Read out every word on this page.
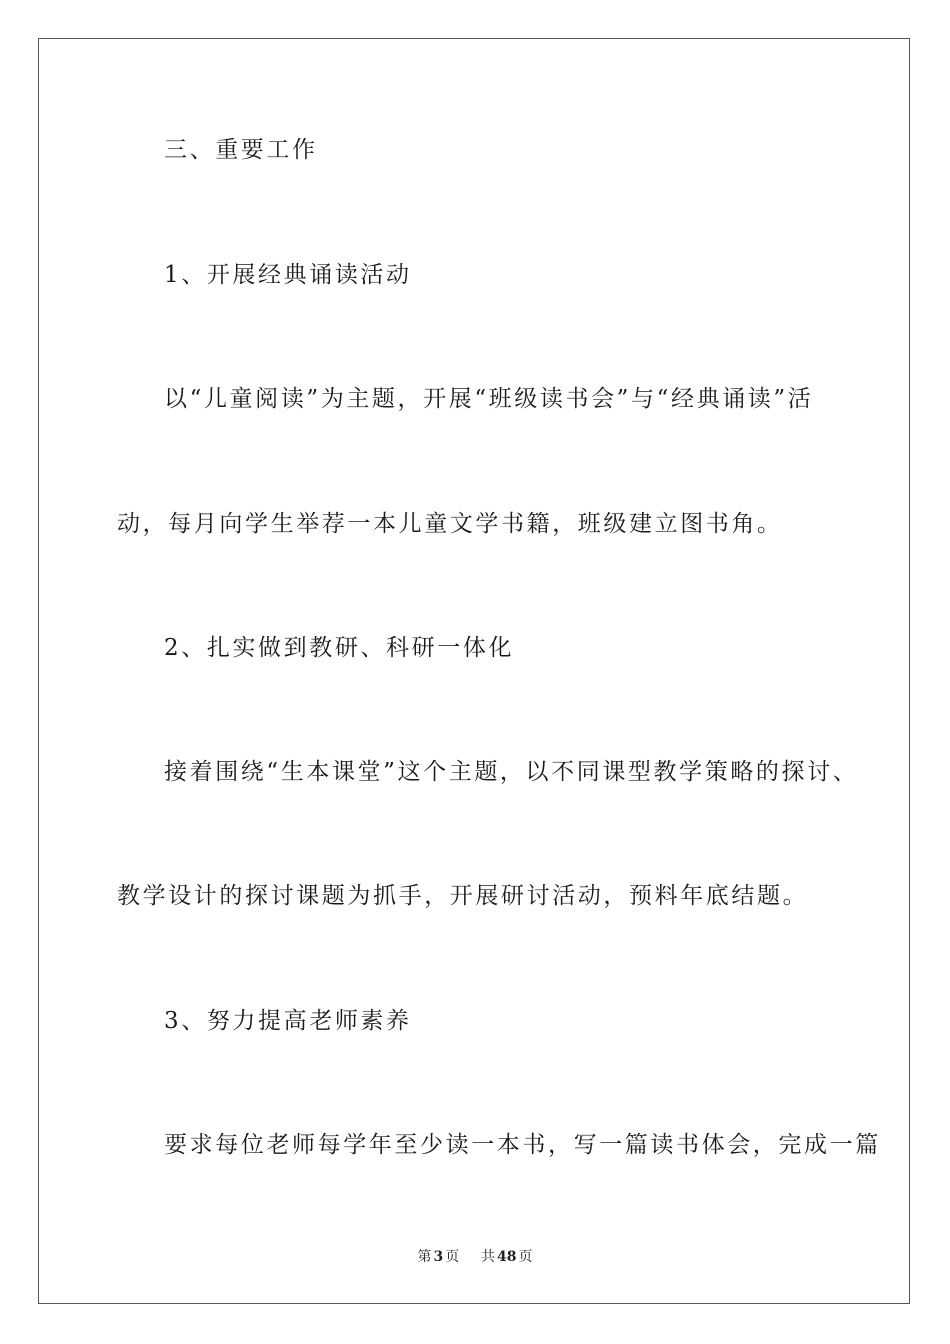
三、重要工作
1、开展经典诵读活动
以“儿童阅读”为主题，开展“班级读书会”与“经典诵读”活
动，每月向学生举荐一本儿童文学书籍，班级建立图书角。
2、扎实做到教研、科研一体化
接着围绕“生本课堂”这个主题，以不同课型教学策略的探讨、
教学设计的探讨课题为抓手，开展研讨活动，预料年底结题。
3、努力提高老师素养
要求每位老师每学年至少读一本书，写一篇读书体会，完成一篇
第 3 页 共 48 页
